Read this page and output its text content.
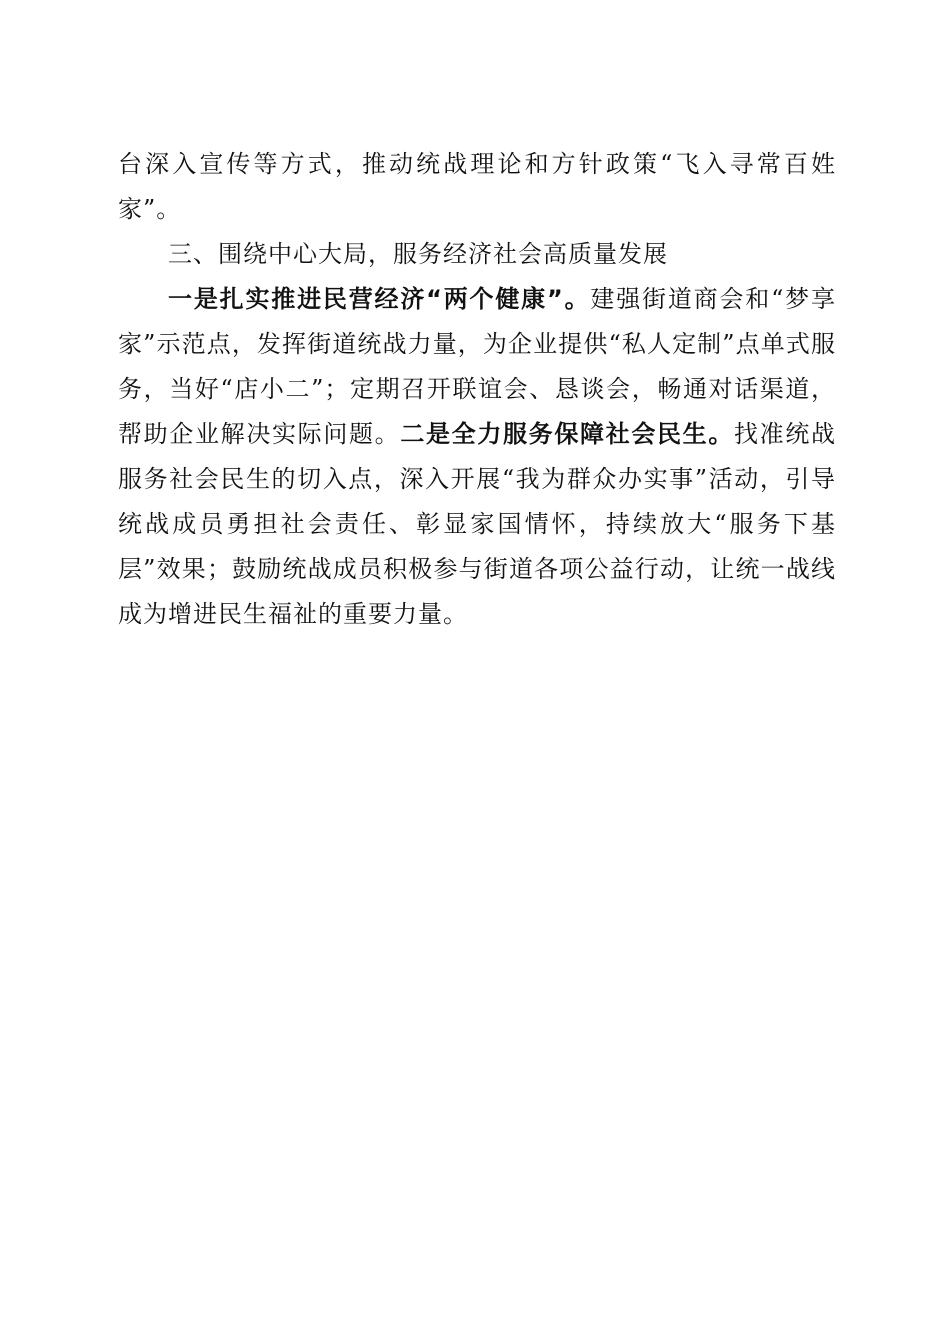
台深入宣传等方式，推动统战理论和方针政策“飞入寻常百姓家”。

三、围绕中心大局，服务经济社会高质量发展

一是扎实推进民营经济“两个健康”。建强街道商会和“梦享家”示范点，发挥街道统战力量，为企业提供“私人定制”点单式服务，当好“店小二”；定期召开联谊会、恳谈会，畅通对话渠道，帮助企业解决实际问题。二是全力服务保障社会民生。找准统战服务社会民生的切入点，深入开展“我为群众办实事”活动，引导统战成员勇担社会责任、彰显家国情怀，持续放大“服务下基层”效果；鼓励统战成员积极参与街道各项公益行动，让统一战线成为增进民生福祉的重要力量。
